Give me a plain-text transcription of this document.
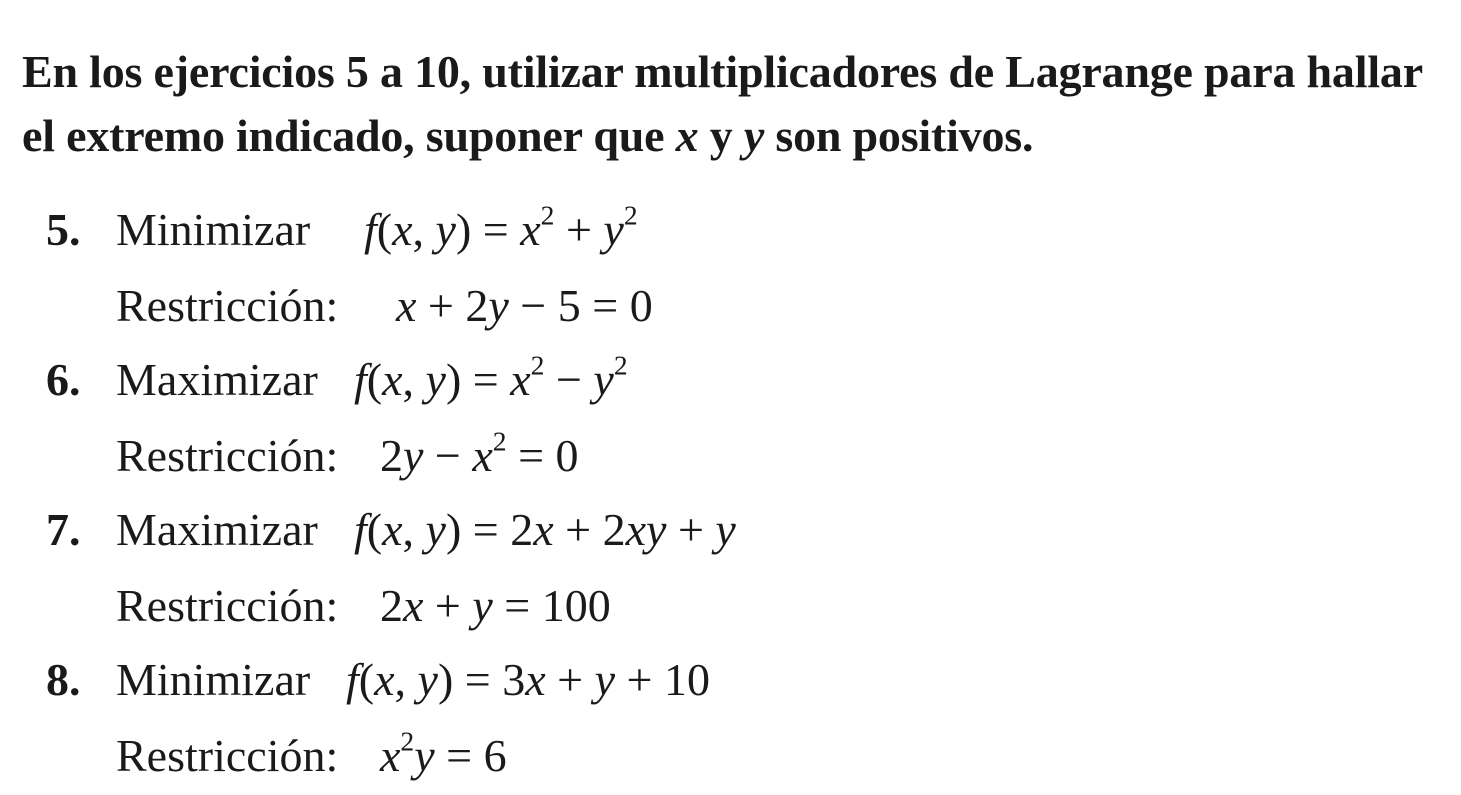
En los ejercicios 5 a 10, utilizar multiplicadores de Lagrange para hallar el extremo indicado, suponer que x y y son positivos.
5. Minimizar f(x, $y) = x^2 + y^2$
Restricción: x + 2y − 5 = 0
6. Maximizar f(x, $y) = x^2 - y^2$
Restricción: $2y - x^2 = 0$
7. Maximizar f(x, y) = 2x + 2xy + y
Restricción: 2x + y = 100
8. Minimizar f(x, y) = 3x + y + 10
Restricción: $x^2y = 6$
